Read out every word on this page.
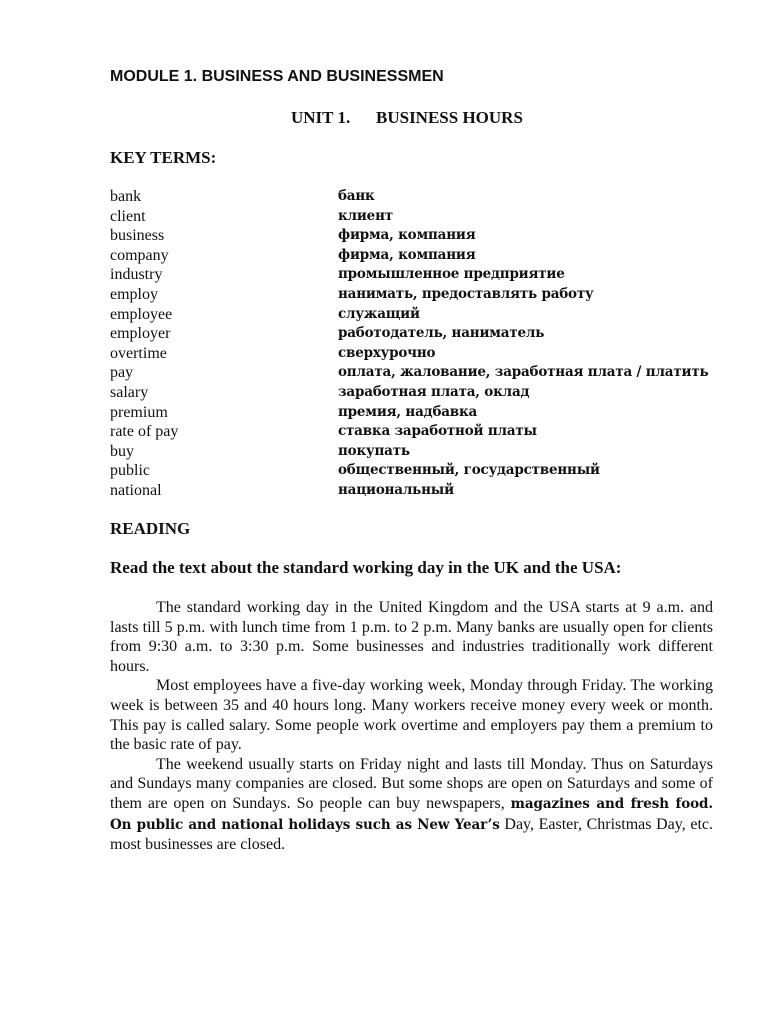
MODULE 1. BUSINESS AND BUSINESSMEN
UNIT 1. BUSINESS HOURS
KEY TERMS:
bank	банк
client	клиент
business	фирма, компания
company	фирма, компания
industry	промышленное предприятие
employ	нанимать, предоставлять работу
employee	служащий
employer	работодатель, наниматель
overtime	сверхурочно
pay	оплата, жалование, заработная плата / платить
salary	заработная плата, оклад
premium	премия, надбавка
rate of pay	ставка заработной платы
buy	покупать
public	общественный, государственный
national	национальный
READING
Read the text about the standard working day in the UK and the USA:

The standard working day in the United Kingdom and the USA starts at 9 a.m. and lasts till 5 p.m. with lunch time from 1 p.m. to 2 p.m. Many banks are usually open for clients from 9:30 a.m. to 3:30 p.m. Some businesses and industries traditionally work different hours.

Most employees have a five-day working week, Monday through Friday. The working week is between 35 and 40 hours long. Many workers receive money every week or month. This pay is called salary. Some people work overtime and employers pay them a premium to the basic rate of pay.

The weekend usually starts on Friday night and lasts till Monday. Thus on Saturdays and Sundays many companies are closed. But some shops are open on Saturdays and some of them are open on Sundays. So people can buy newspapers, magazines and fresh food. On public and national holidays such as New Year’s Day, Easter, Christmas Day, etc. most businesses are closed.
